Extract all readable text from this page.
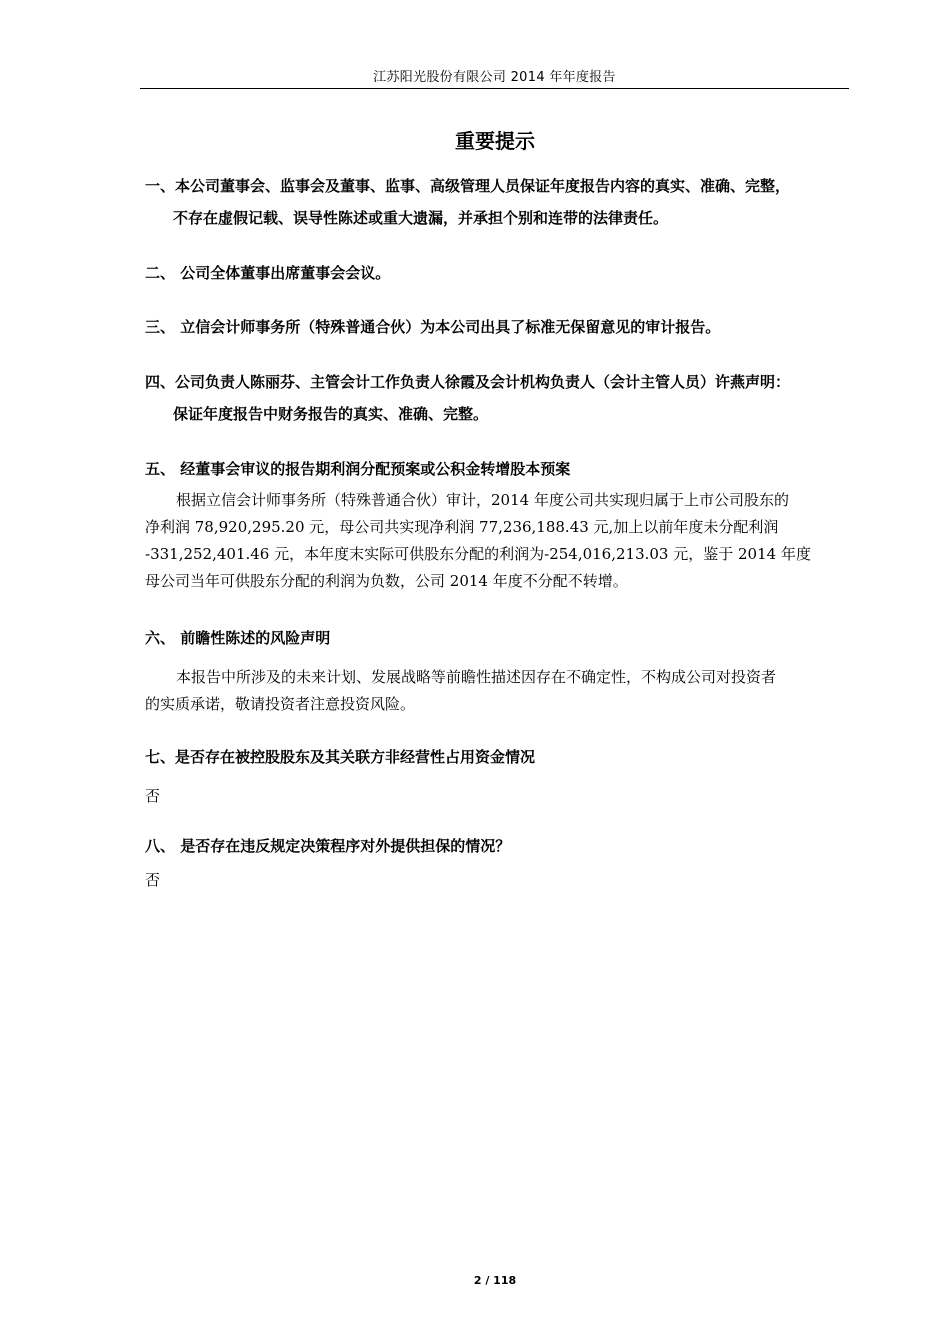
江苏阳光股份有限公司 2014 年年度报告
重要提示
一、本公司董事会、监事会及董事、监事、高级管理人员保证年度报告内容的真实、准确、完整，
不存在虚假记载、误导性陈述或重大遗漏，并承担个别和连带的法律责任。
二、 公司全体董事出席董事会会议。
三、 立信会计师事务所（特殊普通合伙）为本公司出具了标准无保留意见的审计报告。
四、公司负责人陈丽芬、主管会计工作负责人徐霞及会计机构负责人（会计主管人员）许燕声明：
保证年度报告中财务报告的真实、准确、完整。
五、 经董事会审议的报告期利润分配预案或公积金转增股本预案
根据立信会计师事务所（特殊普通合伙）审计，2014 年度公司共实现归属于上市公司股东的
净利润 78,920,295.20 元，母公司共实现净利润 77,236,188.43 元,加上以前年度未分配利润
-331,252,401.46 元，本年度末实际可供股东分配的利润为-254,016,213.03 元，鉴于 2014 年度
母公司当年可供股东分配的利润为负数，公司 2014 年度不分配不转增。
六、 前瞻性陈述的风险声明
本报告中所涉及的未来计划、发展战略等前瞻性描述因存在不确定性，不构成公司对投资者
的实质承诺，敬请投资者注意投资风险。
七、是否存在被控股股东及其关联方非经营性占用资金情况
否
八、 是否存在违反规定决策程序对外提供担保的情况？
否
2 / 118
